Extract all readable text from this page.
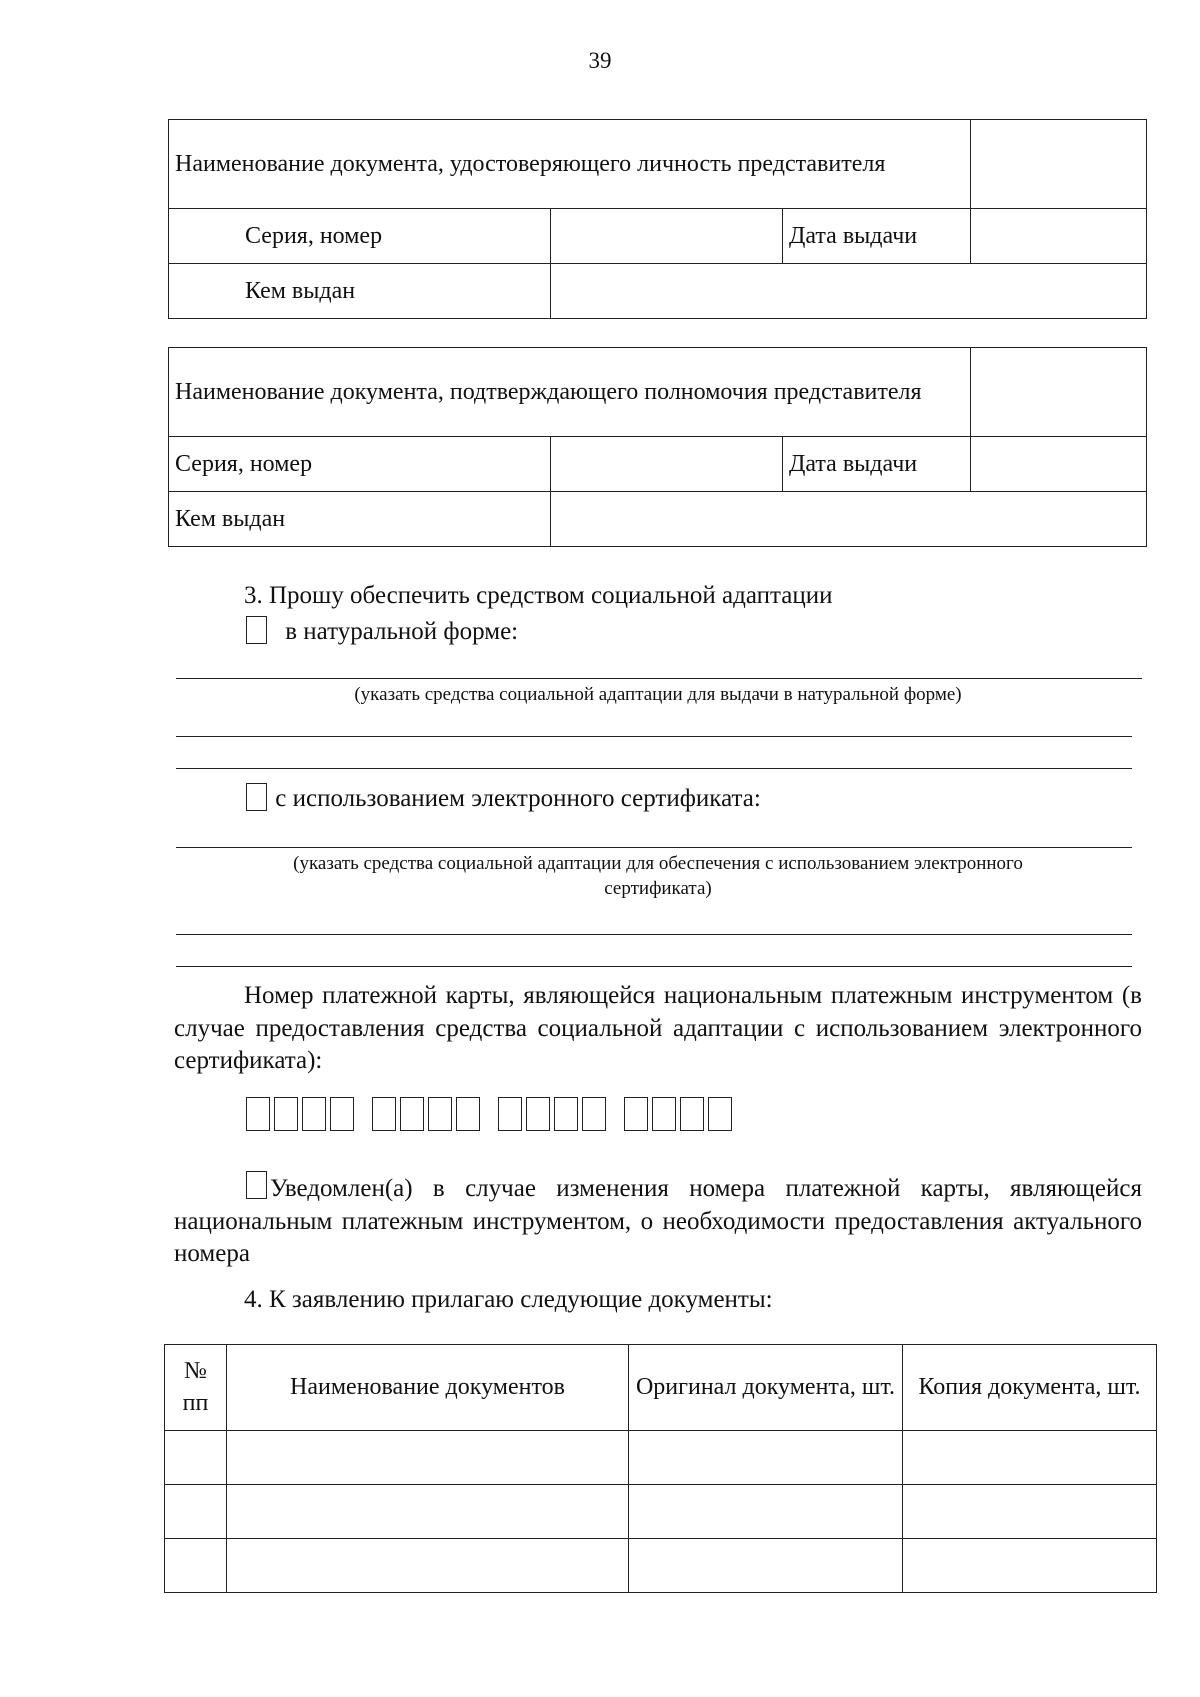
39
Наименование документа, удостоверяющего личность представителя			
Серия, номер		Дата выдачи	
Кем выдан			
Наименование документа, подтверждающего полномочия представителя			
Серия, номер		Дата выдачи	
Кем выдан			
3. Прошу обеспечить средством социальной адаптации
в натуральной форме:
(указать средства социальной адаптации для выдачи в натуральной форме)
с использованием электронного сертификата:
(указать средства социальной адаптации для обеспечения с использованием электронного
сертификата)
Номер платежной карты, являющейся национальным платежным инструментом (в случае предоставления средства социальной адаптации с использованием электронного сертификата):
Уведомлен(а) в случае изменения номера платежной карты, являющейся национальным платежным инструментом, о необходимости предоставления актуального номера
4. К заявлению прилагаю следующие документы:
№
пп	Наименование документов	Оригинал документа, шт.	Копия документа, шт.
